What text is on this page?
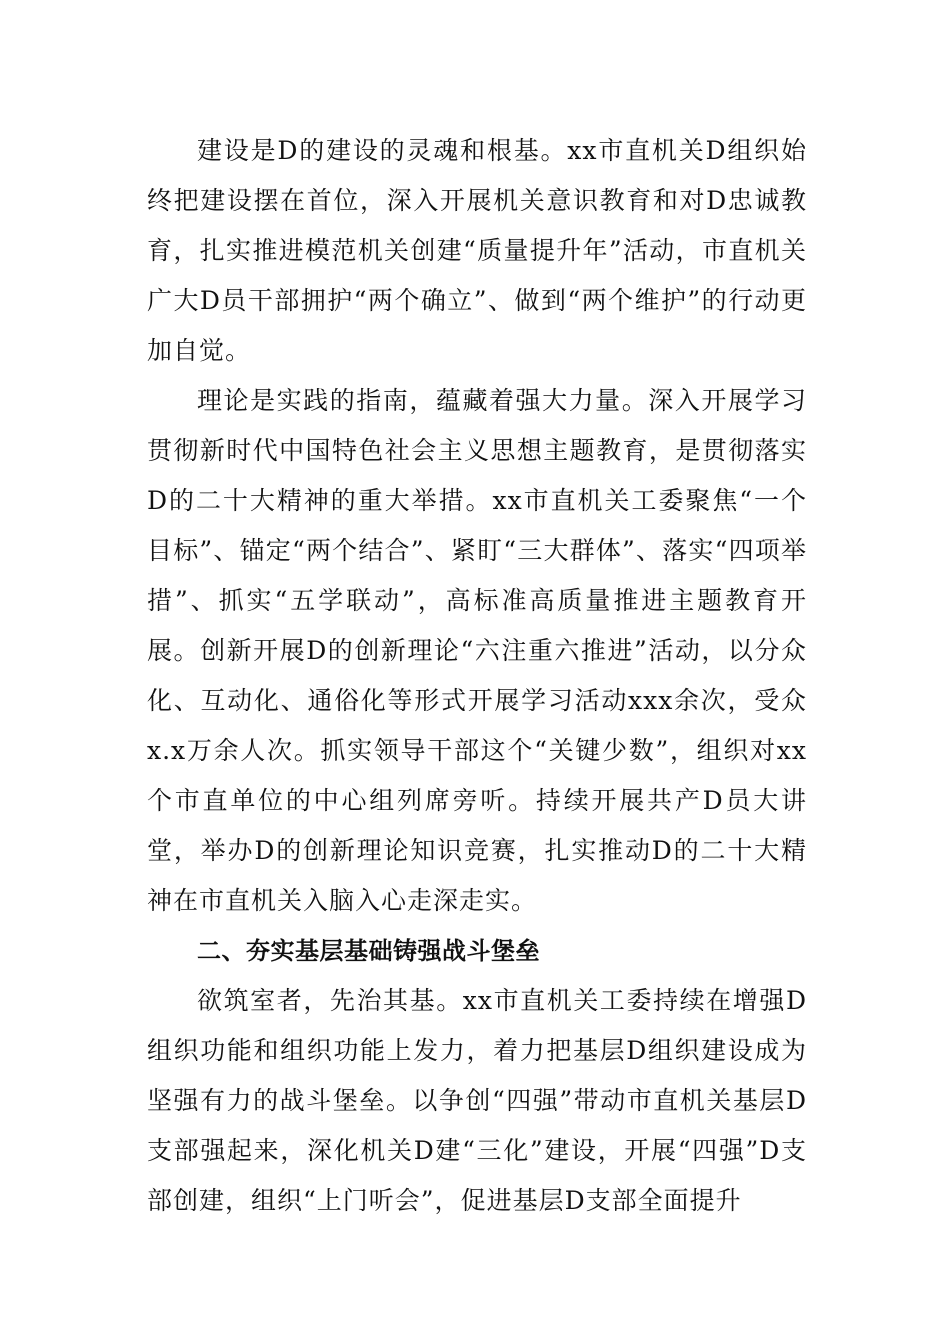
建设是D的建设的灵魂和根基。xx市直机关D组织始终把建设摆在首位，深入开展机关意识教育和对D忠诚教育，扎实推进模范机关创建“质量提升年”活动，市直机关广大D员干部拥护“两个确立”、做到“两个维护”的行动更加自觉。

理论是实践的指南，蕴藏着强大力量。深入开展学习贯彻新时代中国特色社会主义思想主题教育，是贯彻落实D的二十大精神的重大举措。xx市直机关工委聚焦“一个目标”、锚定“两个结合”、紧盯“三大群体”、落实“四项举措”、抓实“五学联动”，高标准高质量推进主题教育开展。创新开展D的创新理论“六注重六推进”活动，以分众化、互动化、通俗化等形式开展学习活动xxx余次，受众x.x万余人次。抓实领导干部这个“关键少数”，组织对xx个市直单位的中心组列席旁听。持续开展共产D员大讲堂，举办D的创新理论知识竞赛，扎实推动D的二十大精神在市直机关入脑入心走深走实。

二、夯实基层基础铸强战斗堡垒

欲筑室者，先治其基。xx市直机关工委持续在增强D组织功能和组织功能上发力，着力把基层D组织建设成为坚强有力的战斗堡垒。以争创“四强”带动市直机关基层D支部强起来，深化机关D建“三化”建设，开展“四强”D支部创建，组织“上门听会”，促进基层D支部全面提升
